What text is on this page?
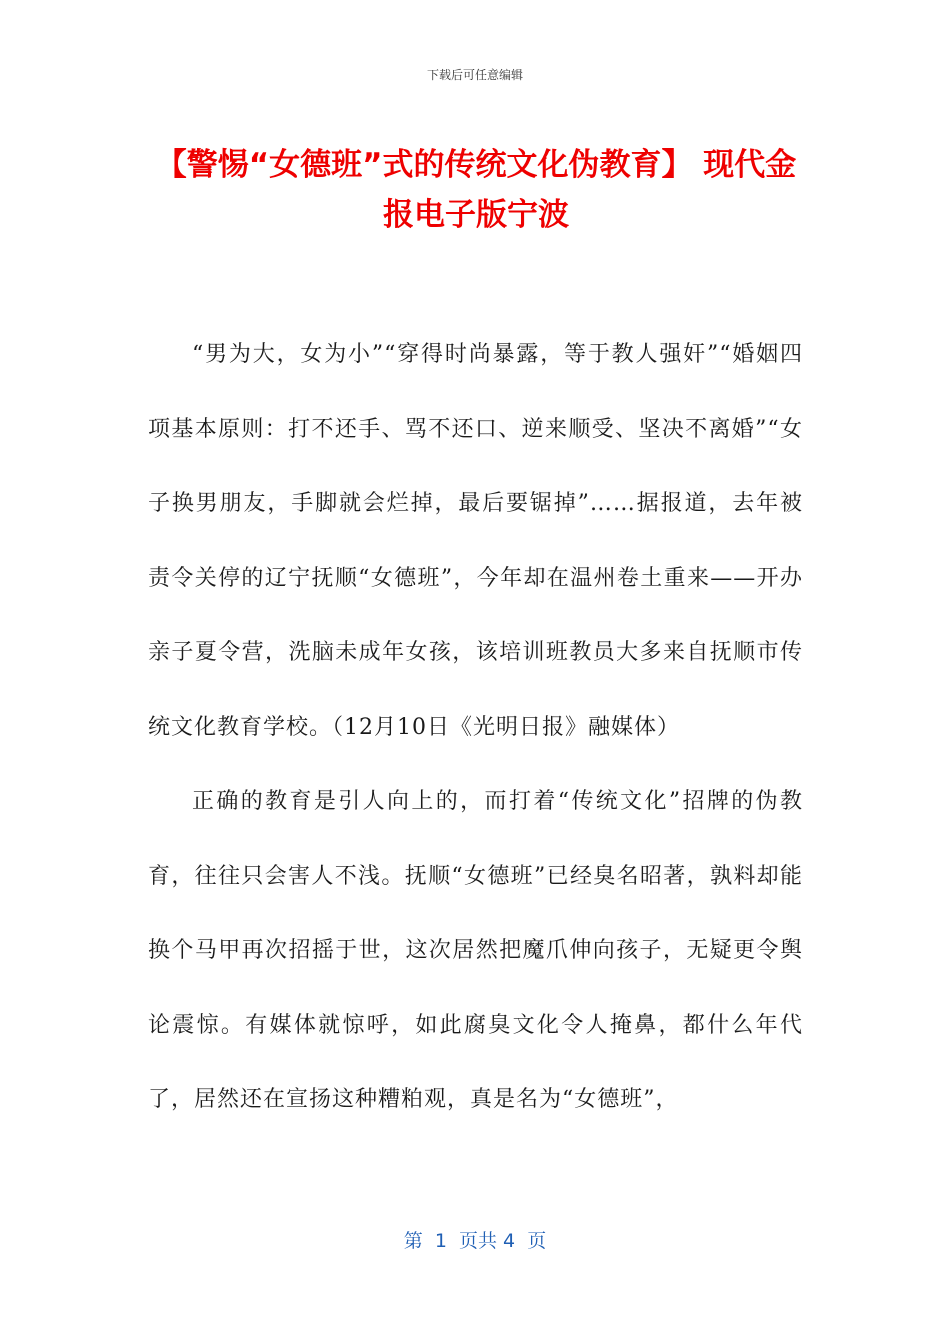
下载后可任意编辑
【警惕“女德班”式的传统文化伪教育】 现代金报电子版宁波

“男为大，女为小”“穿得时尚暴露，等于教人强奸”“婚姻四项基本原则：打不还手、骂不还口、逆来顺受、坚决不离婚”“女子换男朋友，手脚就会烂掉，最后要锯掉”……据报道，去年被责令关停的辽宁抚顺“女德班”，今年却在温州卷土重来——开办亲子夏令营，洗脑未成年女孩，该培训班教员大多来自抚顺市传统文化教育学校。（12月10日《光明日报》融媒体）

正确的教育是引人向上的，而打着“传统文化”招牌的伪教育，往往只会害人不浅。抚顺“女德班”已经臭名昭著，孰料却能换个马甲再次招摇于世，这次居然把魔爪伸向孩子，无疑更令舆论震惊。有媒体就惊呼，如此腐臭文化令人掩鼻，都什么年代了，居然还在宣扬这种糟粕观，真是名为“女德班”，

第  1  页共 4  页
